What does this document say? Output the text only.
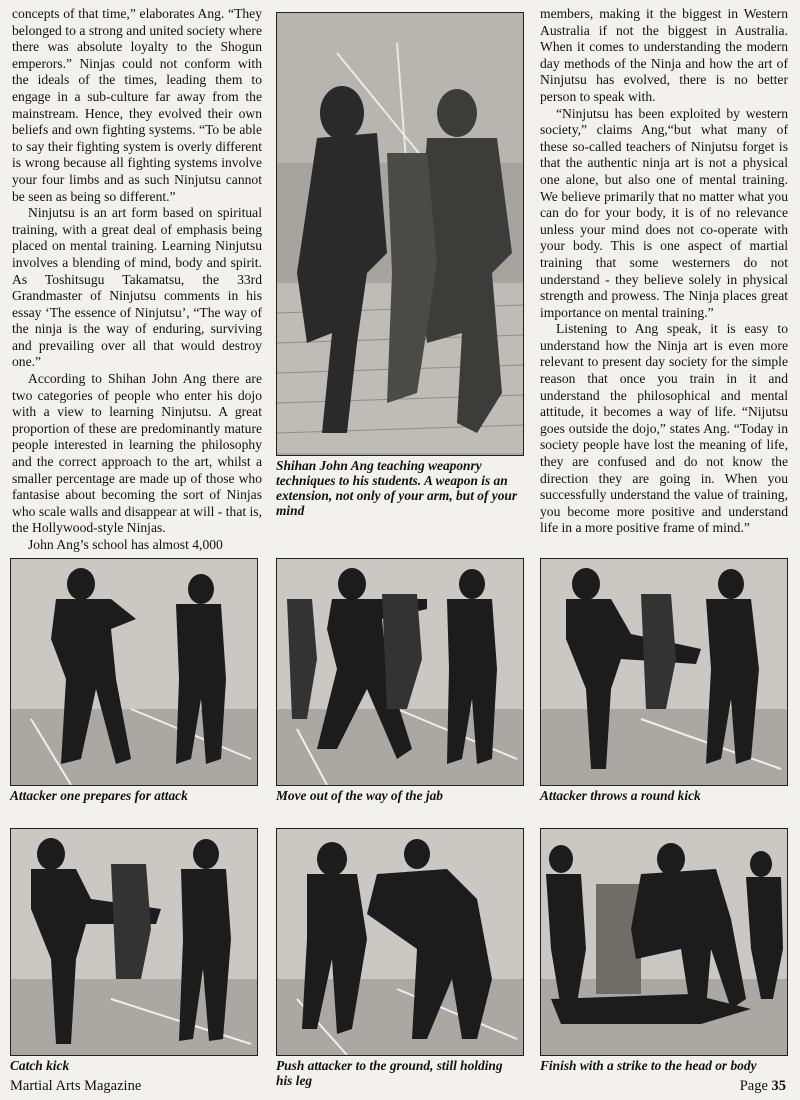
concepts of that time,” elaborates Ang. “They belonged to a strong and united society where there was absolute loyalty to the Shogun emperors.” Ninjas could not conform with the ideals of the times, leading them to engage in a sub-culture far away from the mainstream. Hence, they evolved their own beliefs and own fighting systems. “To be able to say their fighting system is overly different is wrong because all fighting systems involve your four limbs and as such Ninjutsu cannot be seen as being so different.”

Ninjutsu is an art form based on spiritual training, with a great deal of emphasis being placed on mental training. Learning Ninjutsu involves a blending of mind, body and spirit. As Toshitsugu Takamatsu, the 33rd Grandmaster of Ninjutsu comments in his essay ‘The essence of Ninjutsu’, “The way of the ninja is the way of enduring, surviving and prevailing over all that would destroy one.”

According to Shihan John Ang there are two categories of people who enter his dojo with a view to learning Ninjutsu. A great proportion of these are predominantly mature people interested in learning the philosophy and the correct approach to the art, whilst a smaller percentage are made up of those who fantasise about becoming the sort of Ninjas who scale walls and disappear at will - that is, the Hollywood-style Ninjas.

John Ang’s school has almost 4,000

Shihan John Ang teaching weaponry techniques to his students. A weapon is an extension, not only of your arm, but of your mind

members, making it the biggest in Western Australia if not the biggest in Australia. When it comes to understanding the modern day methods of the Ninja and how the art of Ninjutsu has evolved, there is no better person to speak with.

“Ninjutsu has been exploited by western society,” claims Ang,“but what many of these so-called teachers of Ninjutsu forget is that the authentic ninja art is not a physical one alone, but also one of mental training. We believe primarily that no matter what you can do for your body, it is of no relevance unless your mind does not co-operate with your body. This is one aspect of martial training that some westerners do not understand - they believe solely in physical strength and prowess. The Ninja places great importance on mental training.”

Listening to Ang speak, it is easy to understand how the Ninja art is even more relevant to present day society for the simple reason that once you train in it and understand the philosophical and mental attitude, it becomes a way of life. “Nijutsu goes outside the dojo,” states Ang. “Today in society people have lost the meaning of life, they are confused and do not know the direction they are going in. When you successfully understand the value of training, you become more positive and understand life in a more positive frame of mind.”

Attacker one prepares for attack	Move out of the way of the jab	Attacker throws a round kick
Catch kick	Push attacker to the ground, still holding his leg
Finish with a strike to the head or body
Martial Arts Magazine	Page 35
